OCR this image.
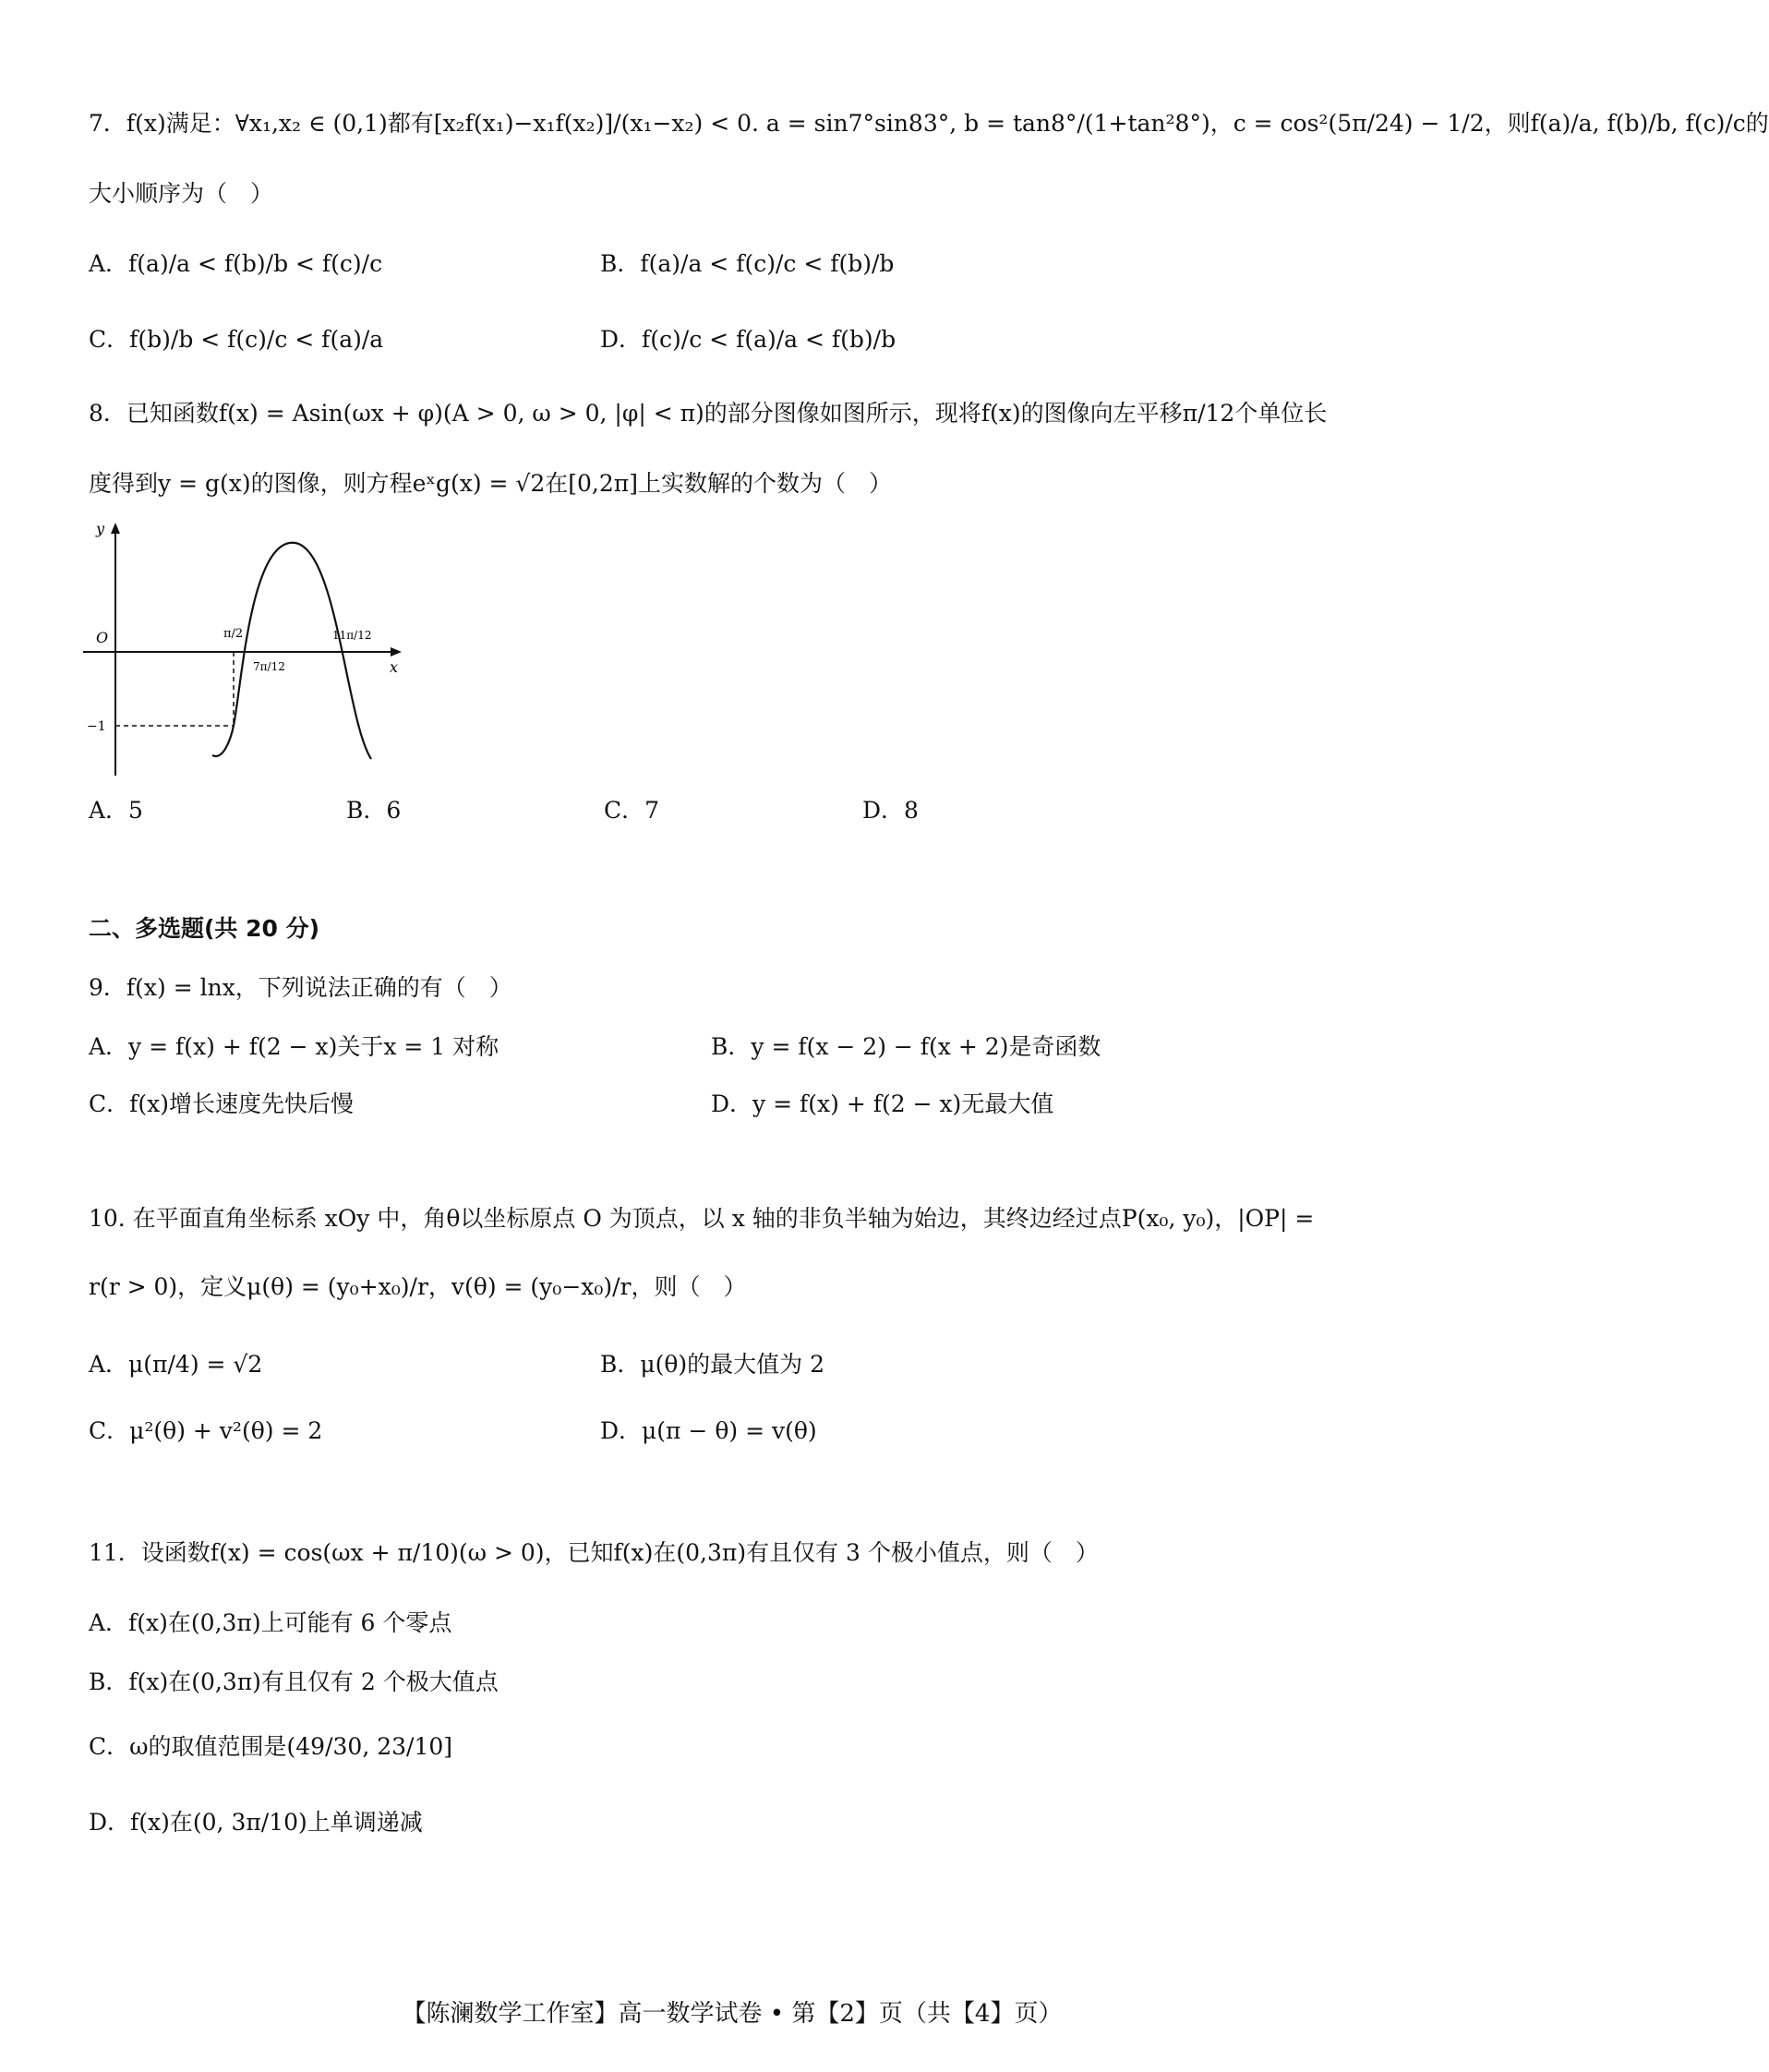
7．f(x)满足：∀x₁,x₂ ∈ (0,1)都有[x₂f(x₁)−x₁f(x₂)]/(x₁−x₂) < 0. a = sin7°sin83°, b = tan8°/(1+tan²8°)，c = cos²(5π/24) − 1/2，则f(a)/a, f(b)/b, f(c)/c的
大小顺序为（　）
A．f(a)/a < f(b)/b < f(c)/c	B．f(a)/a < f(c)/c < f(b)/b
C．f(b)/b < f(c)/c < f(a)/a	D．f(c)/c < f(a)/a < f(b)/b
8．已知函数f(x) = Asin(ωx + φ)(A > 0, ω > 0, |φ| < π)的部分图像如图所示，现将f(x)的图像向左平移π/12个单位长
度得到y = g(x)的图像，则方程eˣg(x) = √2在[0,2π]上实数解的个数为（　）
y
x
O	π/2
7π/12
11π/12
−1
A．5	B．6	C．7	D．8
二、多选题(共 20 分)
9．f(x) = lnx，下列说法正确的有（　）
A．y = f(x) + f(2 − x)关于x = 1 对称	B．y = f(x − 2) − f(x + 2)是奇函数
C．f(x)增长速度先快后慢	D．y = f(x) + f(2 − x)无最大值
10. 在平面直角坐标系 xOy 中，角θ以坐标原点 O 为顶点，以 x 轴的非负半轴为始边，其终边经过点P(x₀, y₀)，|OP| =
r(r > 0)，定义μ(θ) = (y₀+x₀)/r，v(θ) = (y₀−x₀)/r，则（　）
A．μ(π/4) = √2	B．μ(θ)的最大值为 2
C．μ²(θ) + v²(θ) = 2	D．μ(π − θ) = v(θ)
11．设函数f(x) = cos(ωx + π/10)(ω > 0)，已知f(x)在(0,3π)有且仅有 3 个极小值点，则（　）
A．f(x)在(0,3π)上可能有 6 个零点
B．f(x)在(0,3π)有且仅有 2 个极大值点
C．ω的取值范围是(49/30, 23/10]
D．f(x)在(0, 3π/10)上单调递减
【陈澜数学工作室】高一数学试卷 • 第【2】页（共【4】页）
